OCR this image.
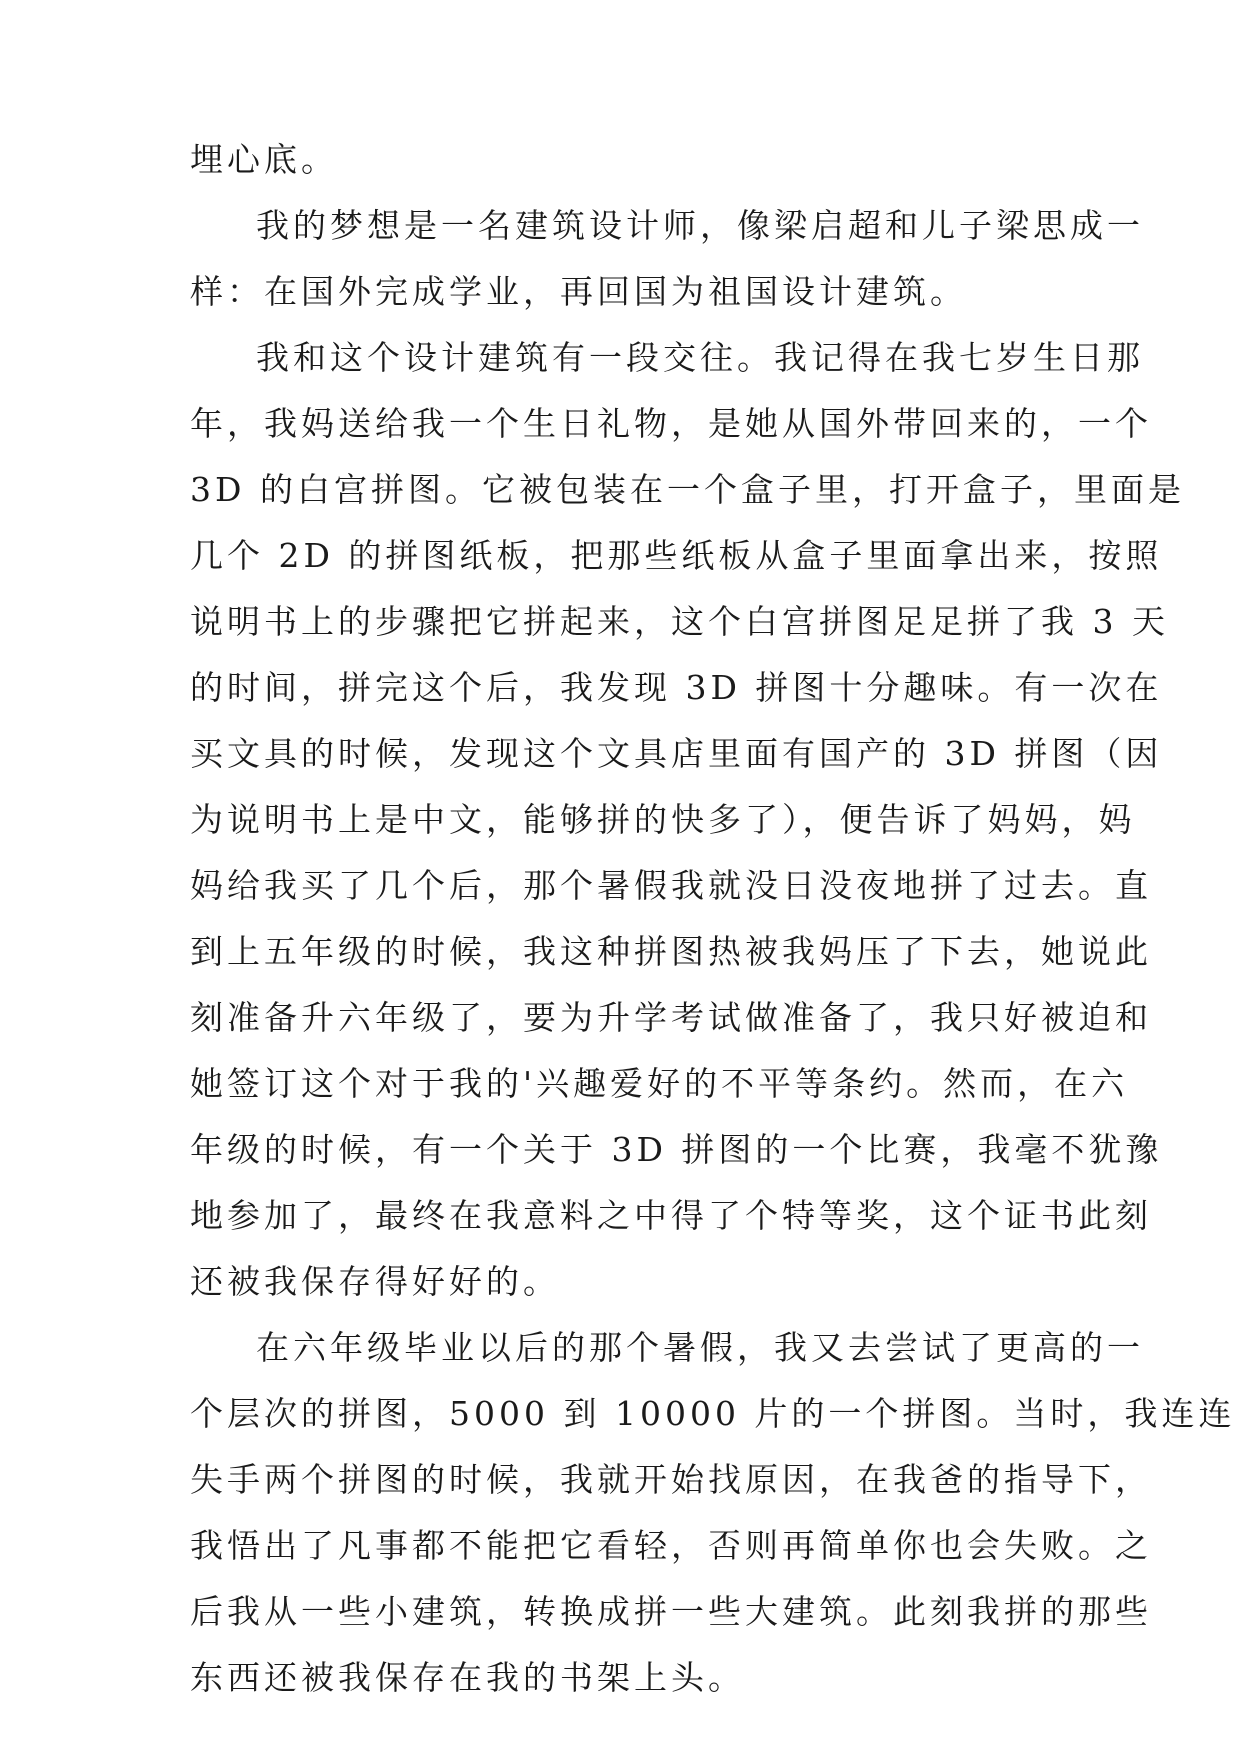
埋心底。
我的梦想是一名建筑设计师，像梁启超和儿子梁思成一
样：在国外完成学业，再回国为祖国设计建筑。
我和这个设计建筑有一段交往。我记得在我七岁生日那
年，我妈送给我一个生日礼物，是她从国外带回来的，一个
3D 的白宫拼图。它被包装在一个盒子里，打开盒子，里面是
几个 2D 的拼图纸板，把那些纸板从盒子里面拿出来，按照
说明书上的步骤把它拼起来，这个白宫拼图足足拼了我 3 天
的时间，拼完这个后，我发现 3D 拼图十分趣味。有一次在
买文具的时候，发现这个文具店里面有国产的 3D 拼图（因
为说明书上是中文，能够拼的快多了），便告诉了妈妈，妈
妈给我买了几个后，那个暑假我就没日没夜地拼了过去。直
到上五年级的时候，我这种拼图热被我妈压了下去，她说此
刻准备升六年级了，要为升学考试做准备了，我只好被迫和
她签订这个对于我的'兴趣爱好的不平等条约。然而，在六
年级的时候，有一个关于 3D 拼图的一个比赛，我毫不犹豫
地参加了，最终在我意料之中得了个特等奖，这个证书此刻
还被我保存得好好的。
在六年级毕业以后的那个暑假，我又去尝试了更高的一
个层次的拼图，5000 到 10000 片的一个拼图。当时，我连连
失手两个拼图的时候，我就开始找原因，在我爸的指导下，
我悟出了凡事都不能把它看轻，否则再简单你也会失败。之
后我从一些小建筑，转换成拼一些大建筑。此刻我拼的那些
东西还被我保存在我的书架上头。
